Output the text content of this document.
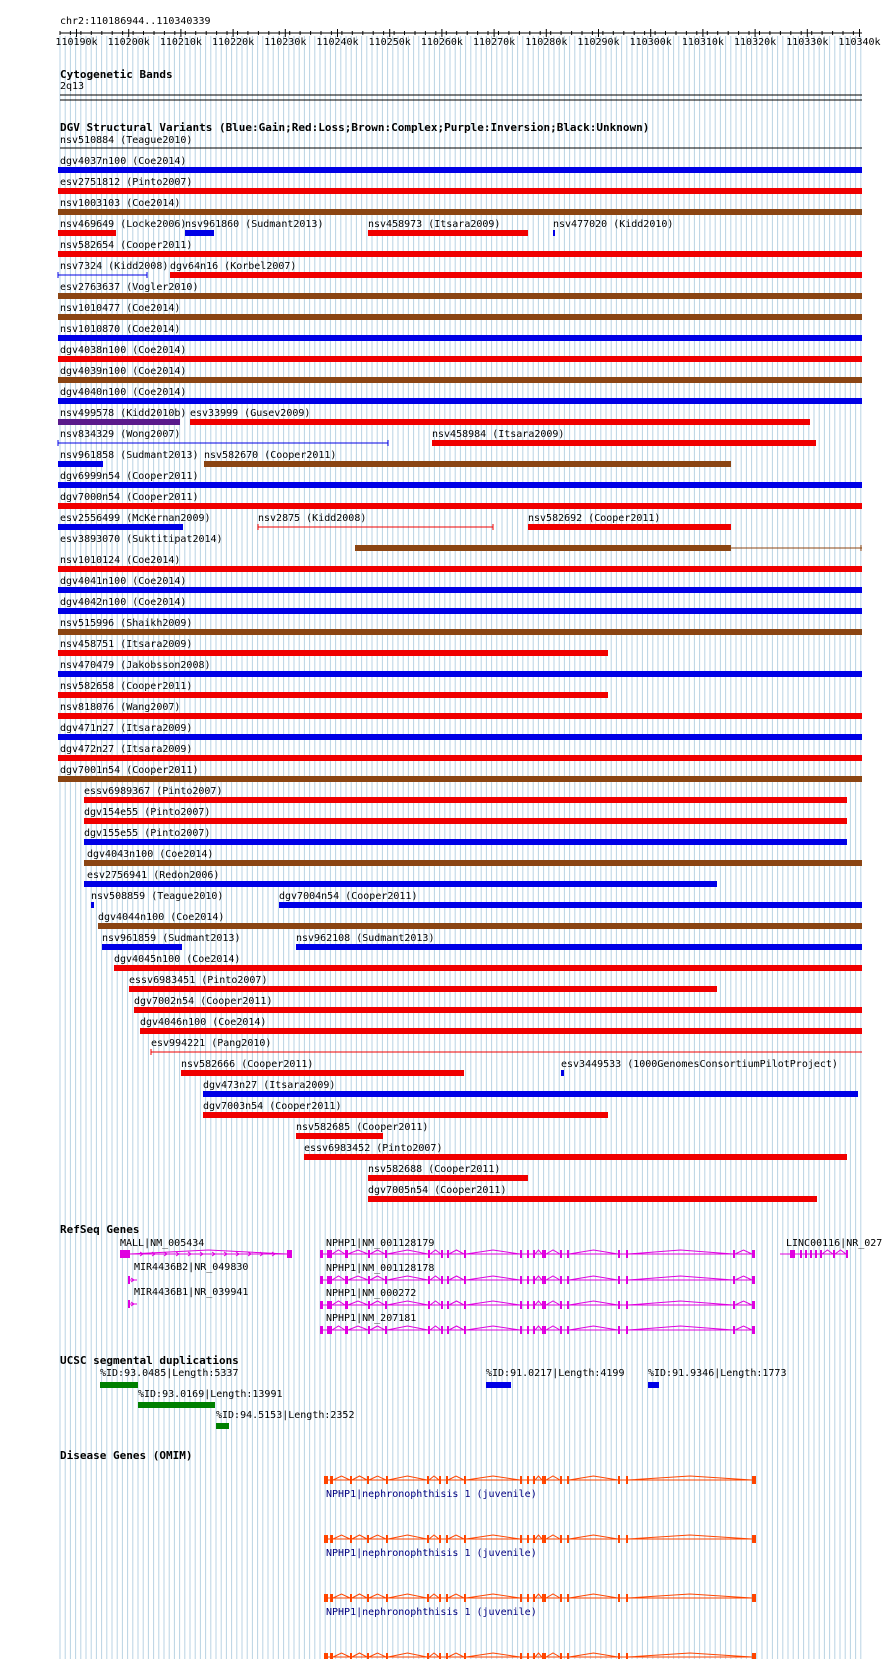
chr2:110186944..110340339
110190k 110200k 110210k 110220k 110230k 110240k 110250k 110260k 110270k 110280k 110290k 110300k 110310k 110320k 110330k 110340k
Cytogenetic Bands
2q13
DGV Structural Variants (Blue:Gain;Red:Loss;Brown:Complex;Purple:Inversion;Black:Unknown)
nsv510884 (Teague2010)
dgv4037n100 (Coe2014)
esv2751812 (Pinto2007)
nsv1003103 (Coe2014)
nsv469649 (Locke2006)
nsv961860 (Sudmant2013)	nsv458973 (Itsara2009)	nsv477020 (Kidd2010)
nsv582654 (Cooper2011)
nsv7324 (Kidd2008) dgv64n16 (Korbel2007)
esv2763637 (Vogler2010)
nsv1010477 (Coe2014)
nsv1010870 (Coe2014)
dgv4038n100 (Coe2014)
dgv4039n100 (Coe2014)
dgv4040n100 (Coe2014)
nsv499578 (Kidd2010b) esv33999 (Gusev2009)
nsv834329 (Wong2007)	nsv458984 (Itsara2009)
nsv961858 (Sudmant2013) nsv582670 (Cooper2011)
dgv6999n54 (Cooper2011)
dgv7000n54 (Cooper2011)
esv2556499 (McKernan2009)	nsv2875 (Kidd2008)	nsv582692 (Cooper2011)
esv3893070 (Suktitipat2014)
nsv1010124 (Coe2014)
dgv4041n100 (Coe2014)
dgv4042n100 (Coe2014)
nsv515996 (Shaikh2009)
nsv458751 (Itsara2009)
nsv470479 (Jakobsson2008)
nsv582658 (Cooper2011)
nsv818076 (Wang2007)
dgv471n27 (Itsara2009)
dgv472n27 (Itsara2009)
dgv7001n54 (Cooper2011)
essv6989367 (Pinto2007)
dgv154e55 (Pinto2007)
dgv155e55 (Pinto2007)
dgv4043n100 (Coe2014)
esv2756941 (Redon2006)
nsv508859 (Teague2010)	dgv7004n54 (Cooper2011)
dgv4044n100 (Coe2014)
nsv961859 (Sudmant2013)	nsv962108 (Sudmant2013)
dgv4045n100 (Coe2014)
essv6983451 (Pinto2007)
dgv7002n54 (Cooper2011)
dgv4046n100 (Coe2014)
esv994221 (Pang2010)
nsv582666 (Cooper2011)	esv3449533 (1000GenomesConsortiumPilotProject)
dgv473n27 (Itsara2009)
dgv7003n54 (Cooper2011)
nsv582685 (Cooper2011)
essv6983452 (Pinto2007)
nsv582688 (Cooper2011)
dgv7005n54 (Cooper2011)
RefSeq Genes
MALL|NM_005434
MIR4436B2|NR_049830
MIR4436B1|NR_039941
NPHP1|NM_001128179
NPHP1|NM_001128178
NPHP1|NM_000272
NPHP1|NM_207181
LINC00116|NR_027
UCSC segmental duplications
%ID:93.0485|Length:5337
%ID:93.0169|Length:13991
%ID:94.5153|Length:2352
%ID:91.0217|Length:4199 %ID:91.9346|Length:1773
Disease Genes (OMIM)
NPHP1|nephronophthisis 1 (juvenile)
NPHP1|nephronophthisis 1 (juvenile)
NPHP1|nephronophthisis 1 (juvenile)
